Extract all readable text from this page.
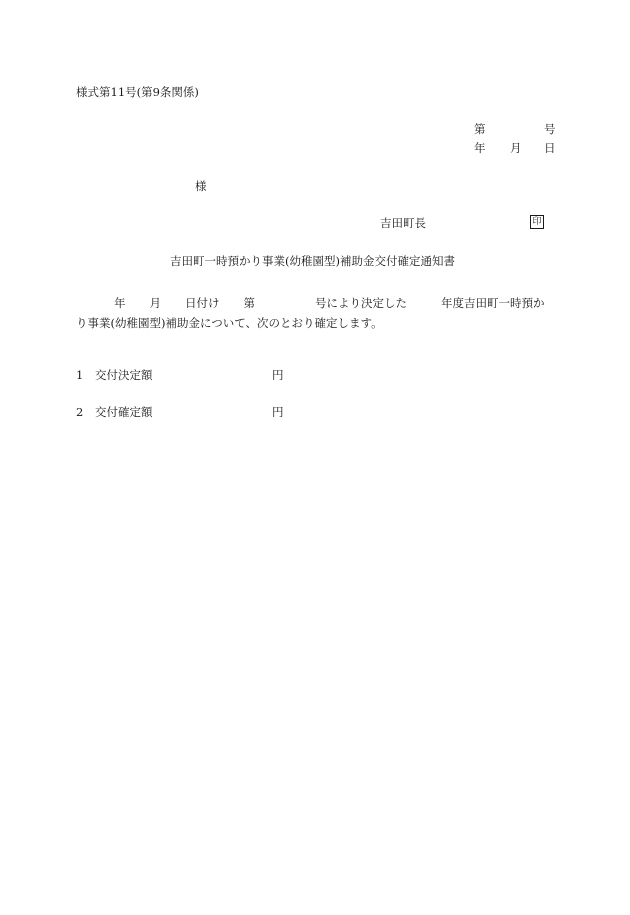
様式第11号(第9条関係)
第	号
年 月 日
様
吉田町長	印
吉田町一時預かり事業(幼稚園型)補助金交付確定通知書
年 月 日付け 第	号により決定した	年度吉田町一時預か
り事業(幼稚園型)補助金について、次のとおり確定します。
1 交付決定額	円
2 交付確定額	円
